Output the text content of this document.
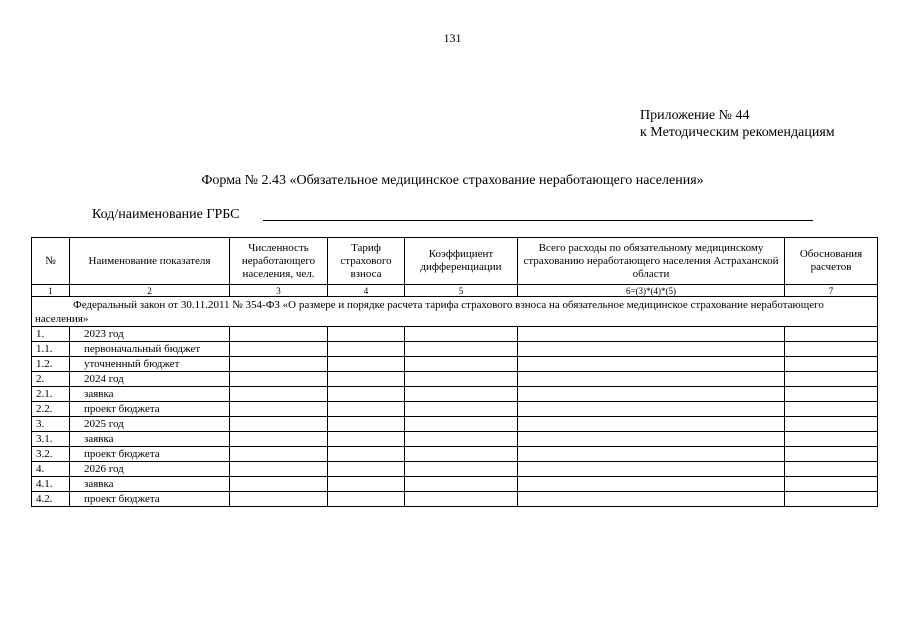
131
Приложение № 44
к Методическим рекомендациям
Форма № 2.43 «Обязательное медицинское страхование неработающего населения»
Код/наименование ГРБС
№	Наименование показателя	Численность неработающего населения, чел.	Тариф страхового взноса	Коэффициент дифференциации	Всего расходы по обязательному медицинскому страхованию неработающего населения Астраханской области	Обоснования расчетов
1	2	3	4	5	6=(3)*(4)*(5)	7
Федеральный закон от 30.11.2011 № 354-ФЗ «О размере и порядке расчета тарифа страхового взноса на обязательное медицинское страхование неработающего населения»						
1.	2023 год					
1.1.	первоначальный бюджет					
1.2.	уточненный бюджет					
2.	2024 год					
2.1.	заявка					
2.2.	проект бюджета					
3.	2025 год					
3.1.	заявка					
3.2.	проект бюджета					
4.	2026 год					
4.1.	заявка					
4.2.	проект бюджета					
